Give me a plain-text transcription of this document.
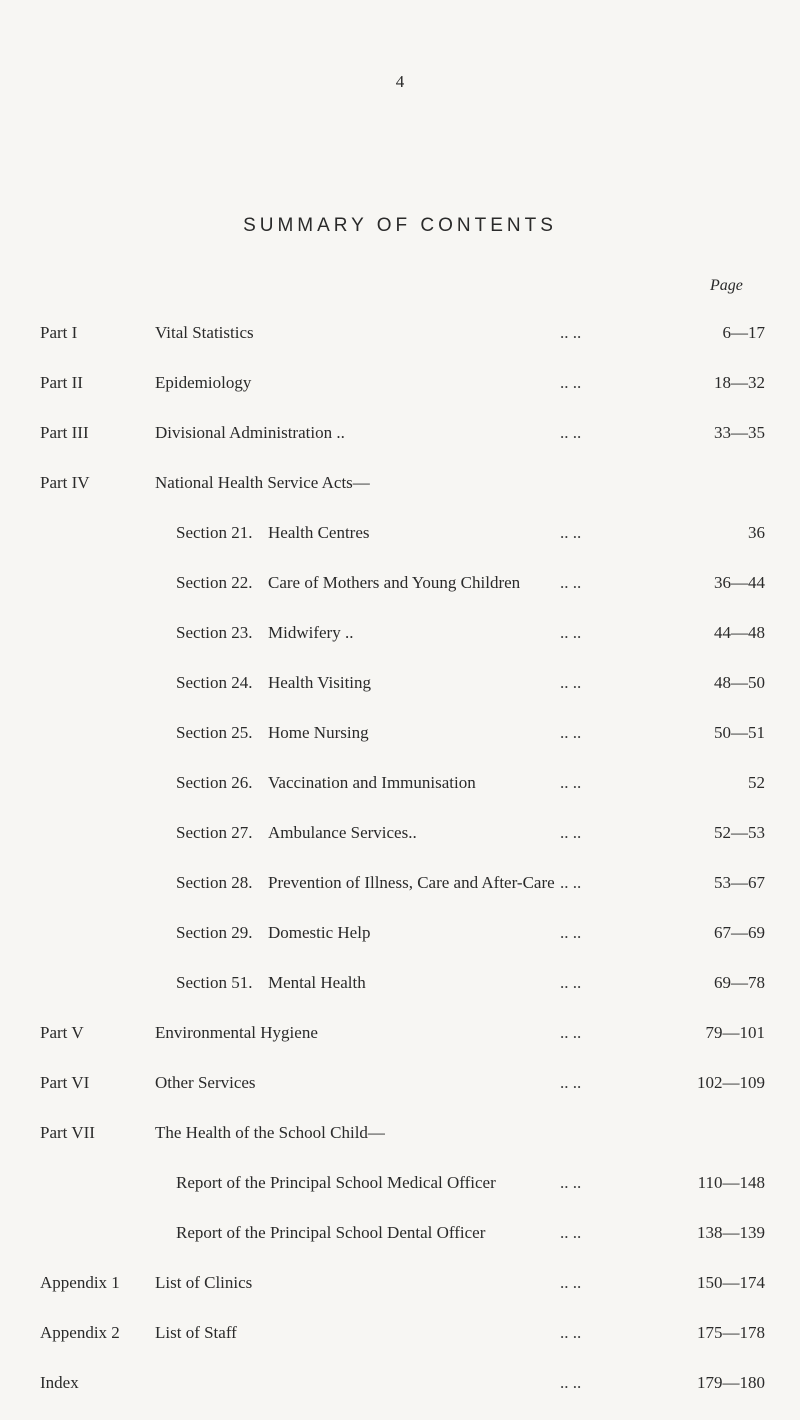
4
SUMMARY OF CONTENTS
Page
Part I	Vital Statistics	.. ..	6—17
Part II	Epidemiology	.. ..	18—32
Part III	Divisional Administration ..	.. ..	33—35
Part IV	National Health Service Acts—
Section 21. Health Centres	.. ..	36
Section 22. Care of Mothers and Young Children .. ..	36—44
Section 23. Midwifery ..	.. ..	44—48
Section 24. Health Visiting	.. ..	48—50
Section 25. Home Nursing	.. ..	50—51
Section 26. Vaccination and Immunisation	.. ..	52
Section 27. Ambulance Services..	.. ..	52—53
Section 28. Prevention of Illness, Care and After-Care .. ..	53—67
Section 29. Domestic Help	.. ..	67—69
Section 51. Mental Health	.. ..	69—78
Part V	Environmental Hygiene	.. ..	79—101
Part VI	Other Services	.. ..	102—109
Part VII	The Health of the School Child—
Report of the Principal School Medical Officer	.. ..	110—148
Report of the Principal School Dental Officer	.. ..	138—139
Appendix 1 List of Clinics	.. ..	150—174
Appendix 2 List of Staff	.. ..	175—178
Index	.. ..	179—180
